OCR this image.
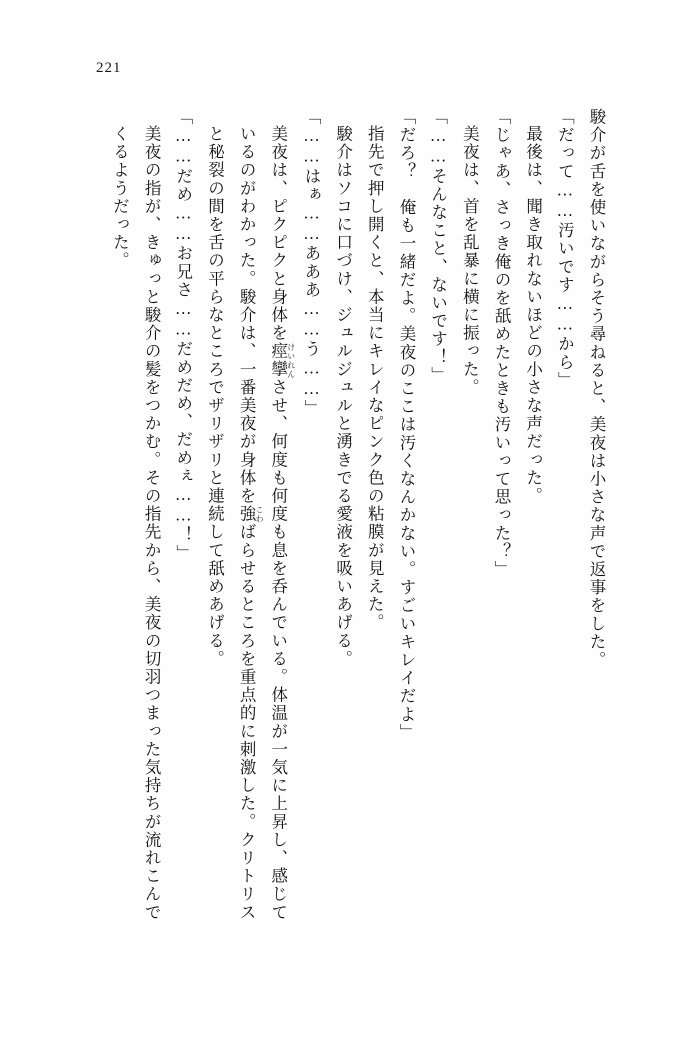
221

駿介が舌を使いながらそう尋ねると、美夜は小さな声で返事をした。

「だって……汚いです……から」

最後は、聞き取れないほどの小さな声だった。

「じゃあ、さっき俺のを舐めたときも汚いって思った？」

美夜は、首を乱暴に横に振った。

「……そんなこと、ないです！」

「だろ？　俺も一緒だよ。美夜のここは汚くなんかない。すごいキレイだよ」

指先で押し開くと、本当にキレイなピンク色の粘膜が見えた。

駿介はソコに口づけ、ジュルジュルと湧きでる愛液を吸いあげる。

「……はぁ……あああ……う……」

美夜は、ピクピクと身体を痙攣 けいれんさせ、何度も何度も息を呑んでいる。体温が一気に上昇し、感じているのがわかった。駿介は、一番美夜が身体を強 こわばらせるところを重点的に刺激した。クリトリスと秘裂の間を舌の平らなところでザリザリと連続して舐めあげる。

「……だめ……お兄さ……だめだめ、だめぇ……！」

美夜の指が、きゅっと駿介の髪をつかむ。その指先から、美夜の切羽つまった気持ちが流れこんでくるようだった。
